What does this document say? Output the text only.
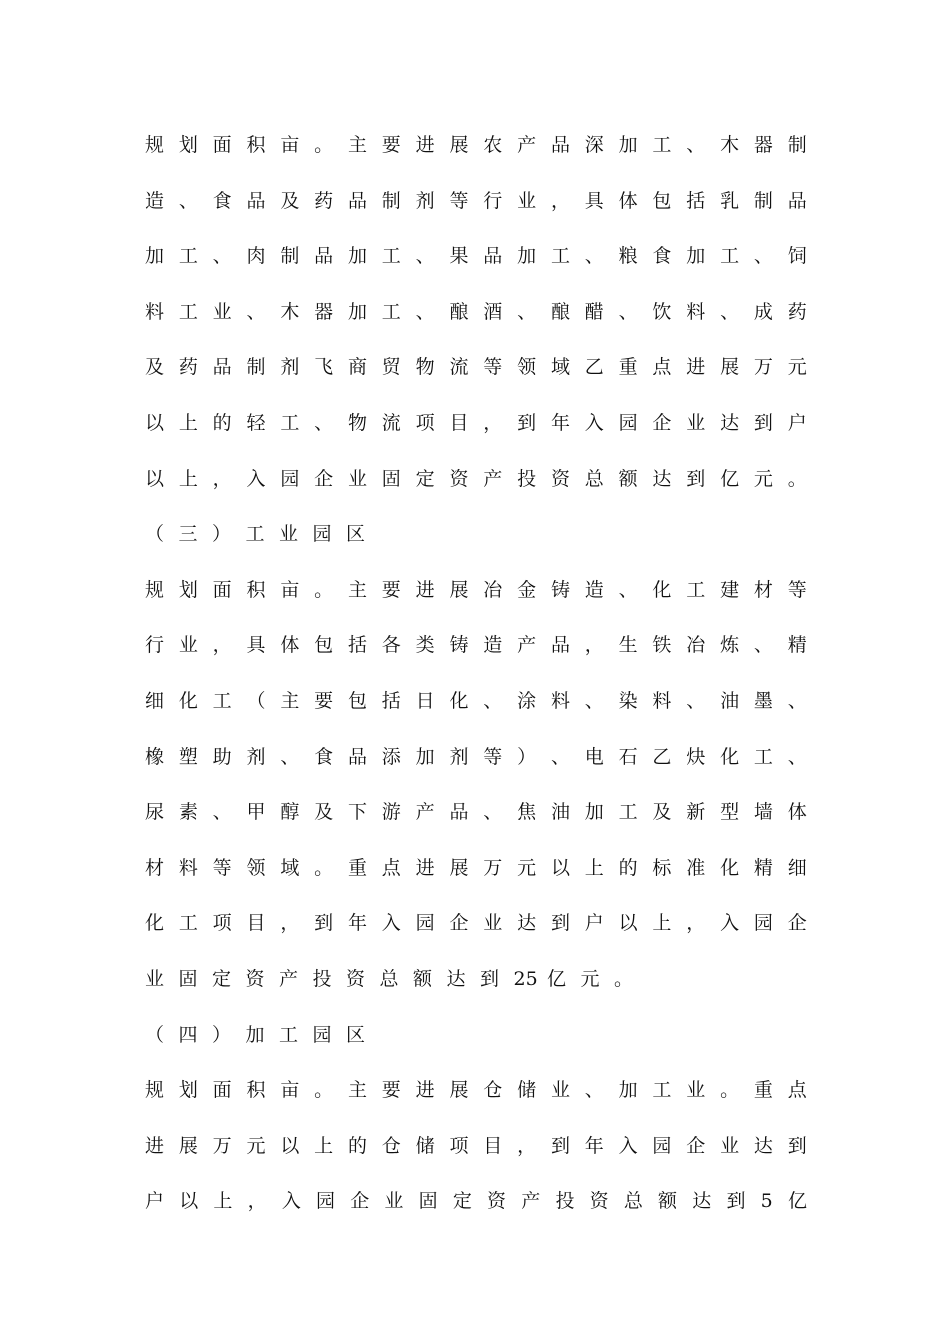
规 划 面 积 亩 。 主 要 进 展 农 产 品 深 加 工 、 木 器 制
造 、 食 品 及 药 品 制 剂 等 行 业 ， 具 体 包 括 乳 制 品
加 工 、 肉 制 品 加 工 、 果 品 加 工 、 粮 食 加 工 、 饲
料 工 业 、 木 器 加 工 、 酿 酒 、 酿 醋 、 饮 料 、 成 药
及 药 品 制 剂 飞 商 贸 物 流 等 领 域 乙 重 点 进 展 万 元
以 上 的 轻 工 、 物 流 项 目 ， 到 年 入 园 企 业 达 到 户
以 上 ， 入 园 企 业 固 定 资 产 投 资 总 额 达 到 亿 元 。
（ 三 ） 工 业 园 区
规 划 面 积 亩 。 主 要 进 展 冶 金 铸 造 、 化 工 建 材 等
行 业 ， 具 体 包 括 各 类 铸 造 产 品 ， 生 铁 冶 炼 、 精
细 化 工 （ 主 要 包 括 日 化 、 涂 料 、 染 料 、 油 墨 、
橡 塑 助 剂 、 食 品 添 加 剂 等 ） 、 电 石 乙 炔 化 工 、
尿 素 、 甲 醇 及 下 游 产 品 、 焦 油 加 工 及 新 型 墙 体
材 料 等 领 域 。 重 点 进 展 万 元 以 上 的 标 准 化 精 细
化 工 项 目 ， 到 年 入 园 企 业 达 到 户 以 上 ， 入 园 企
业 固 定 资 产 投 资 总 额 达 到 25 亿 元 。
（ 四 ） 加 工 园 区
规 划 面 积 亩 。 主 要 进 展 仓 储 业 、 加 工 业 。 重 点
进 展 万 元 以 上 的 仓 储 项 目 ， 到 年 入 园 企 业 达 到
户 以 上 ， 入 园 企 业 固 定 资 产 投 资 总 额 达 到 5 亿
